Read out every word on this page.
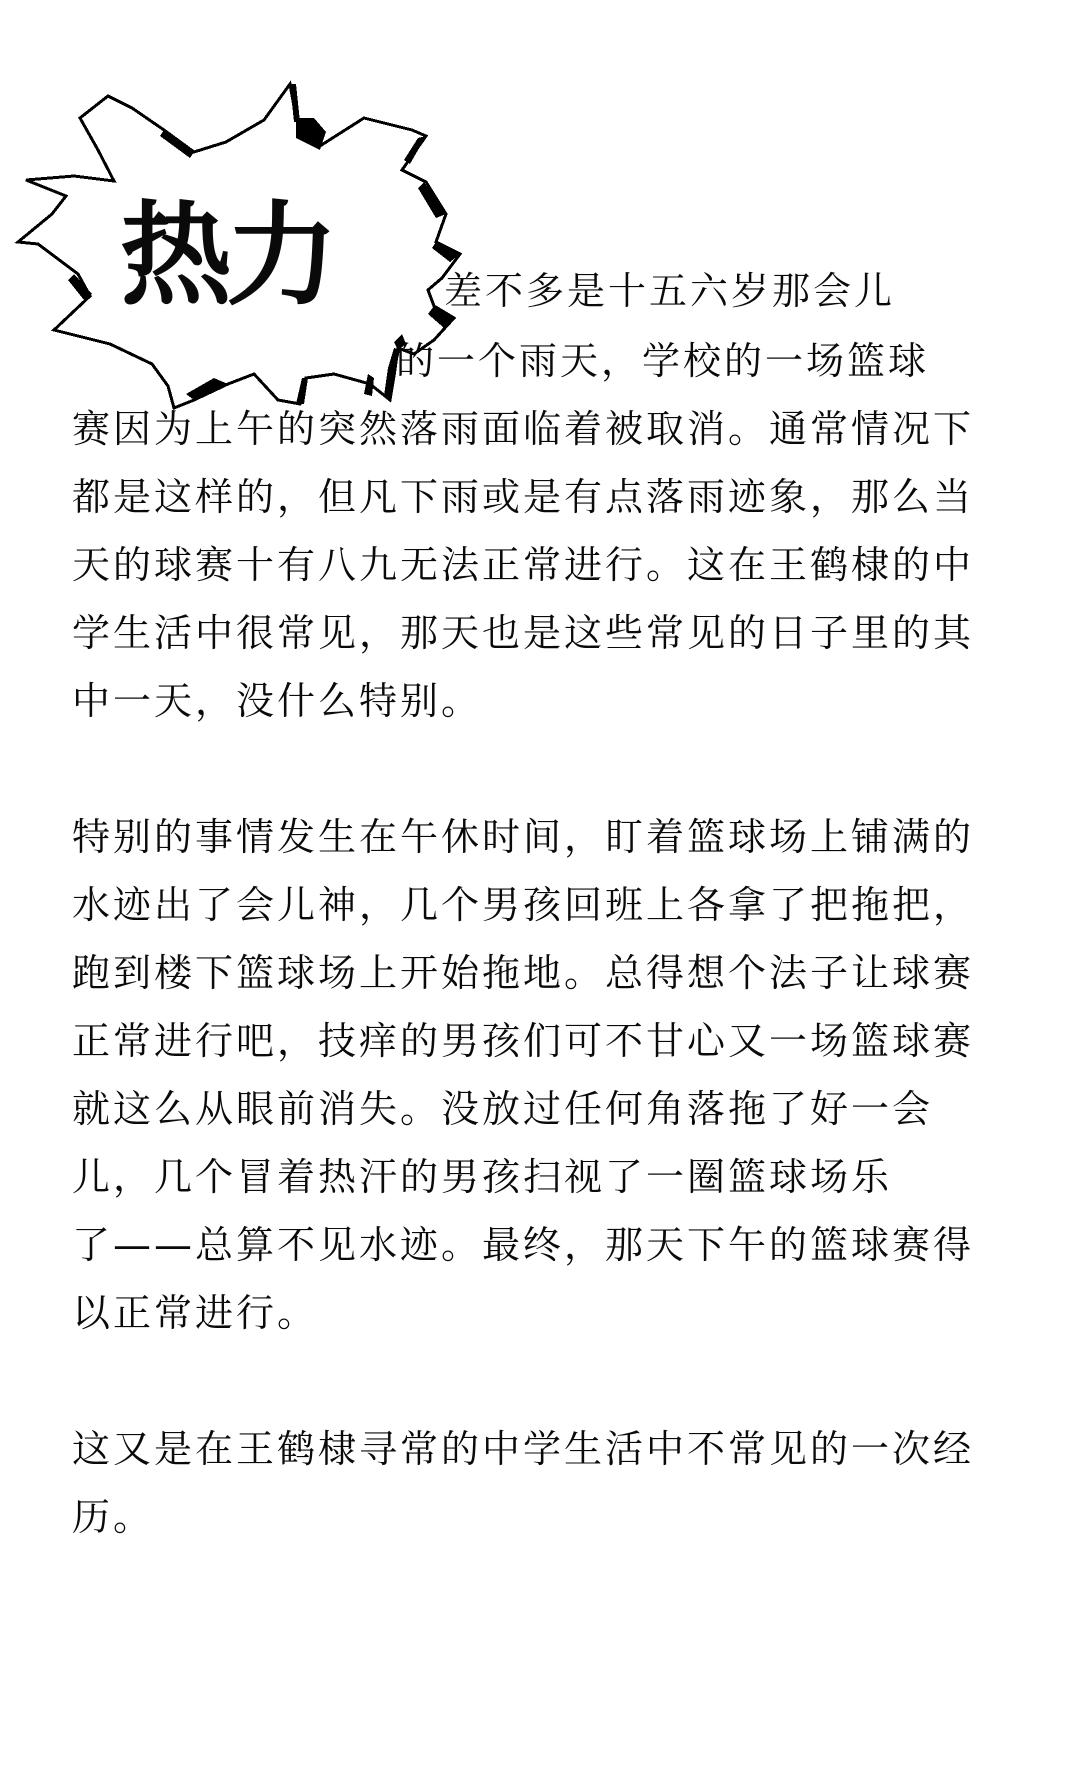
热力	差不多是十五六岁那会儿
的一个雨天，学校的一场篮球
赛因为上午的突然落雨面临着被取消。通常情况下
都是这样的，但凡下雨或是有点落雨迹象，那么当
天的球赛十有八九无法正常进行。这在王鹤棣的中
学生活中很常见，那天也是这些常见的日子里的其
中一天，没什么特别。
特别的事情发生在午休时间，盯着篮球场上铺满的
水迹出了会儿神，几个男孩回班上各拿了把拖把，
跑到楼下篮球场上开始拖地。总得想个法子让球赛
正常进行吧，技痒的男孩们可不甘心又一场篮球赛
就这么从眼前消失。没放过任何角落拖了好一会
儿，几个冒着热汗的男孩扫视了一圈篮球场乐
了——总算不见水迹。最终，那天下午的篮球赛得
以正常进行。
这又是在王鹤棣寻常的中学生活中不常见的一次经
历。
